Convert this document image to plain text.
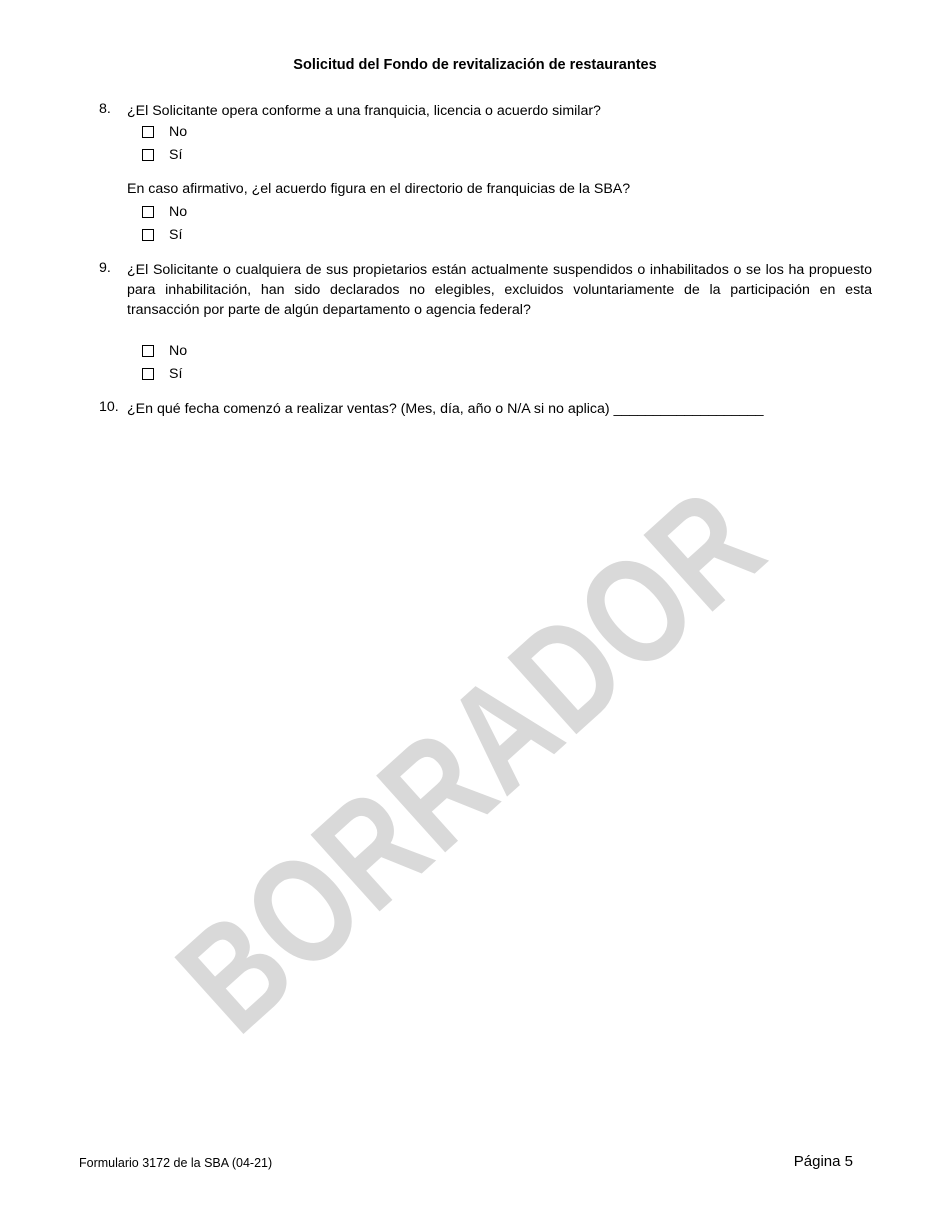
BORRADOR
Solicitud del Fondo de revitalización de restaurantes
8. ¿El Solicitante opera conforme a una franquicia, licencia o acuerdo similar?
No
Sí
En caso afirmativo, ¿el acuerdo figura en el directorio de franquicias de la SBA?
No
Sí
9. ¿El Solicitante o cualquiera de sus propietarios están actualmente suspendidos o inhabilitados o se los ha propuesto para inhabilitación, han sido declarados no elegibles, excluidos voluntariamente de la participación en esta transacción por parte de algún departamento o agencia federal?
No
Sí
10. ¿En qué fecha comenzó a realizar ventas? (Mes, día, año o N/A si no aplica) ___________________
Formulario 3172 de la SBA (04-21)	Página 5
